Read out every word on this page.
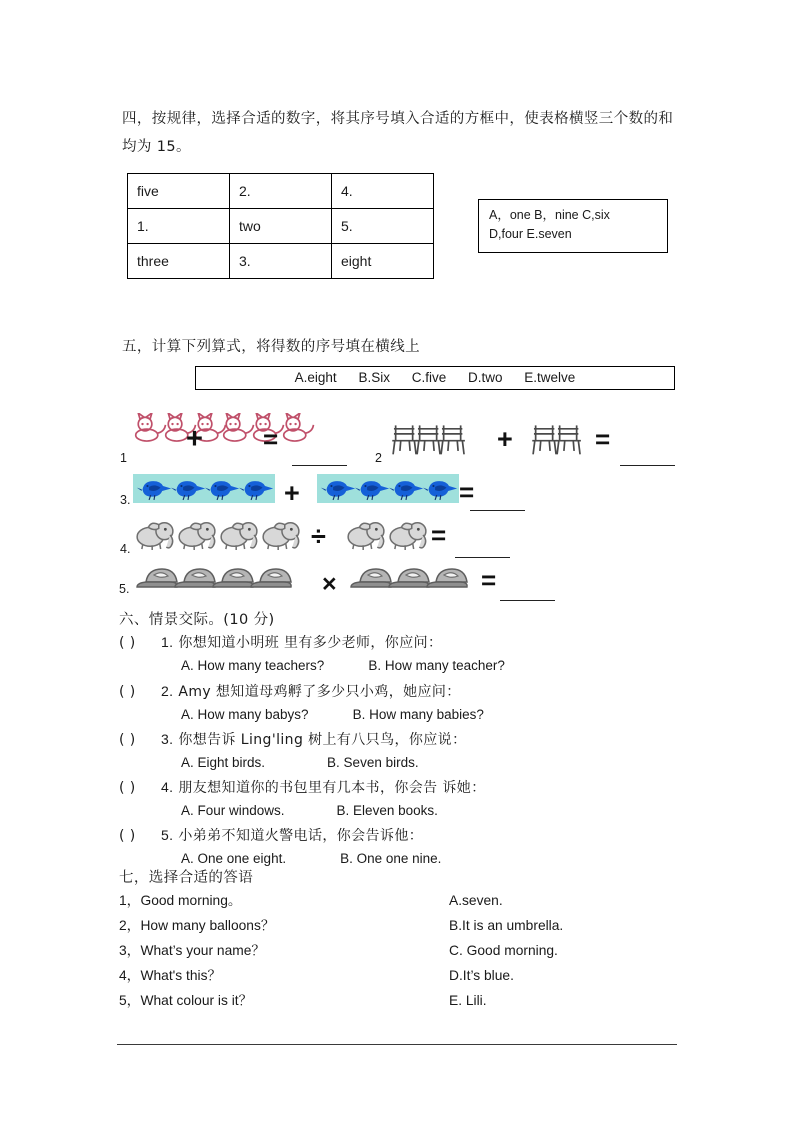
四，按规律，选择合适的数字，将其序号填入合适的方框中，使表格横竖三个数的和均为 15。
five	2.	4.
1.	two	5.
three	3.	eight
A，one B，nine C,six
D,four E.seven
五，计算下列算式，将得数的序号填在横线上
A.eight B.Six C.five D.two E.twelve
1
+ =
2
+	=
3.	+	=
4.	÷	=
5.	×	=
六、情景交际。(10 分)
( ) 1. 你想知道小明班 里有多少老师，你应问：
A. How many teachers?	B. How many teacher?
( ) 2. Amy 想知道母鸡孵了多少只小鸡，她应问：
A. How many babys?	B. How many babies?
( ) 3. 你想告诉 Ling'ling 树上有八只鸟，你应说：
A. Eight birds.	B. Seven birds.
( ) 4. 朋友想知道你的书包里有几本书，你会告 诉她：
A. Four windows.	B. Eleven books.
( ) 5. 小弟弟不知道火警电话，你会告诉他：
A. One one eight.	B. One one nine.
七，选择合适的答语
1，Good morning。	A.seven.
2，How many balloons？	B.It is an umbrella.
3，What’s your name？	C. Good morning.
4，What's this？	D.It’s blue.
5，What colour is it？	E. Lili.
